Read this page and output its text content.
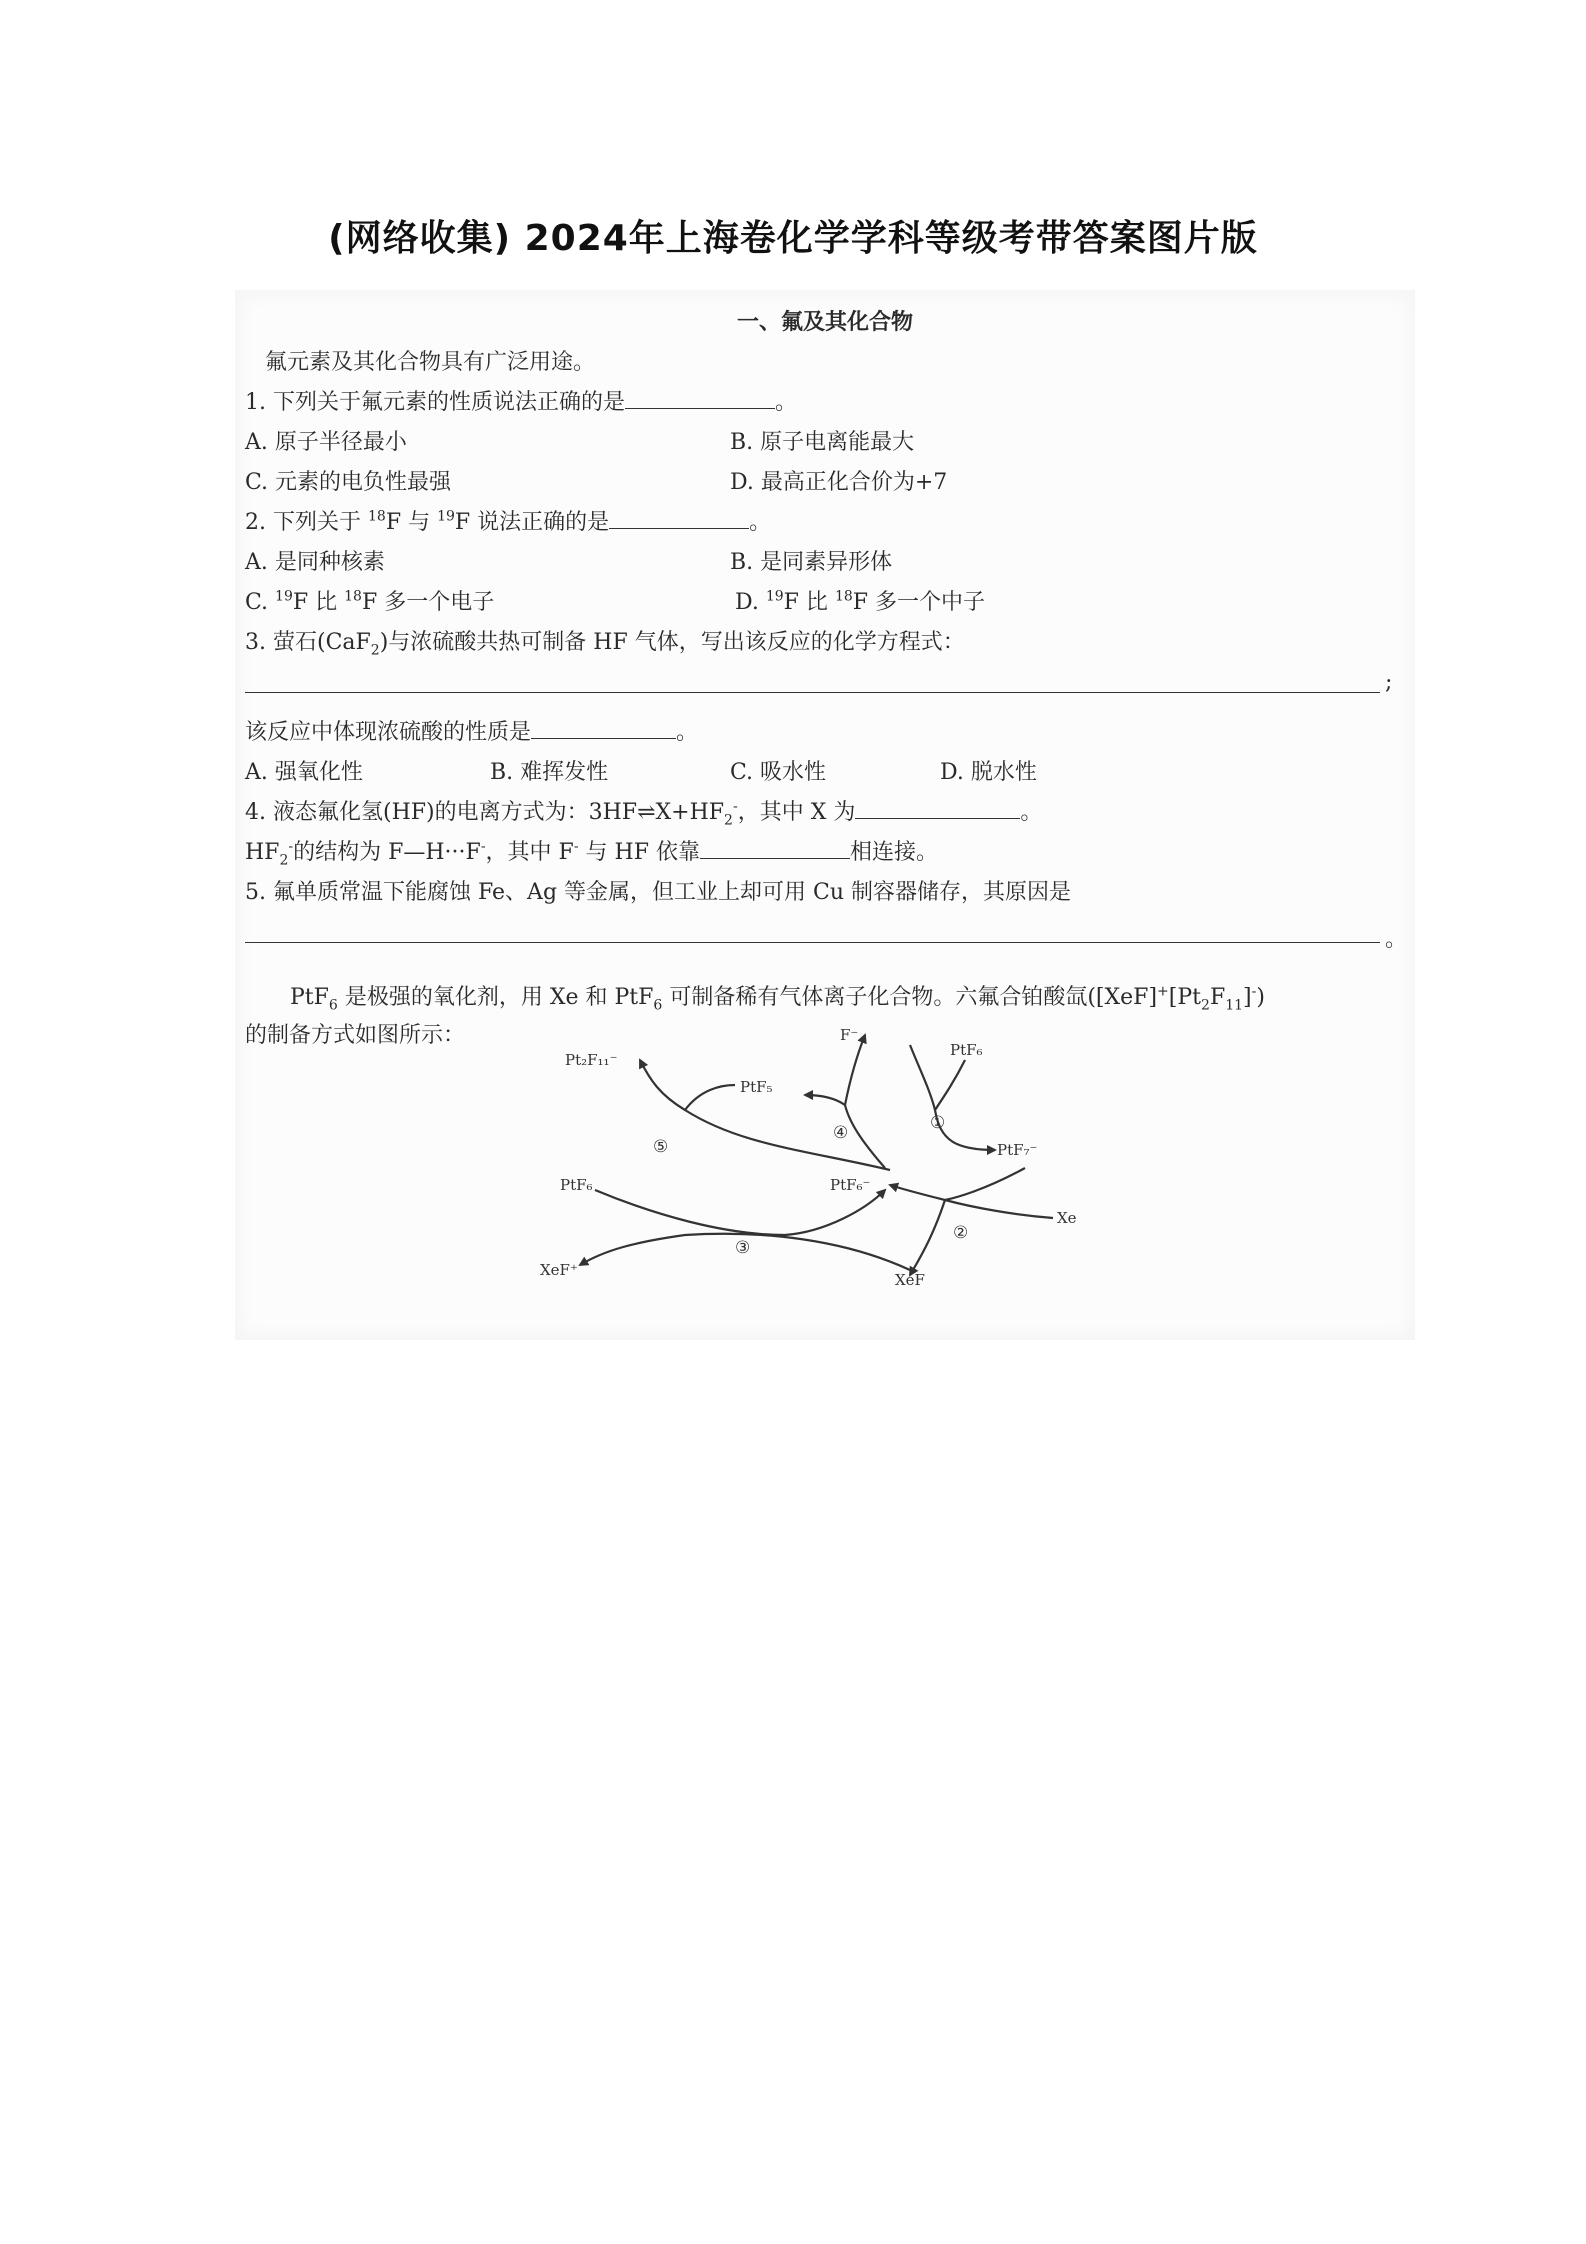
(网络收集) 2024年上海卷化学学科等级考带答案图片版
一、氟及其化合物
氟元素及其化合物具有广泛用途。
1. 下列关于氟元素的性质说法正确的是	。
A. 原子半径最小	B. 原子电离能最大
C. 元素的电负性最强	D. 最高正化合价为+7
2. 下列关于 $^{18}$F 与 $^{19}$F 说法正确的是	。
A. 是同种核素	B. 是同素异形体
C. $^{19}$F 比 $^{18}$F 多一个电子	D. $^{19}$F 比 $^{18}$F 多一个中子
3. 萤石(CaF$_2$)与浓硫酸共热可制备 HF 气体，写出该反应的化学方程式：
;
该反应中体现浓硫酸的性质是	。
A. 强氧化性	B. 难挥发性	C. 吸水性	D. 脱水性
4. 液态氟化氢(HF)的电离方式为：$3HF\rightleftharpoons X+HF_2^-$，其中 X 为	。
$HF_2^-$的结构为 F—H···F-，其中 F- 与 HF 依靠	相连接。
5. 氟单质常温下能腐蚀 Fe、Ag 等金属，但工业上却可用 Cu 制容器储存，其原因是
。
PtF$_6$ 是极强的氧化剂，用 Xe 和 PtF$_6$ 可制备稀有气体离子化合物。六氟合铂酸氙$([XeF]^+[Pt_2F_{11}]^-)$
的制备方式如图所示：
Pt₂F₁₁⁻
PtF₅
F⁻
PtF₆
PtF₇⁻
PtF₆	PtF₆⁻
Xe
XeF⁺
XeF
①
②
③
④
⑤
